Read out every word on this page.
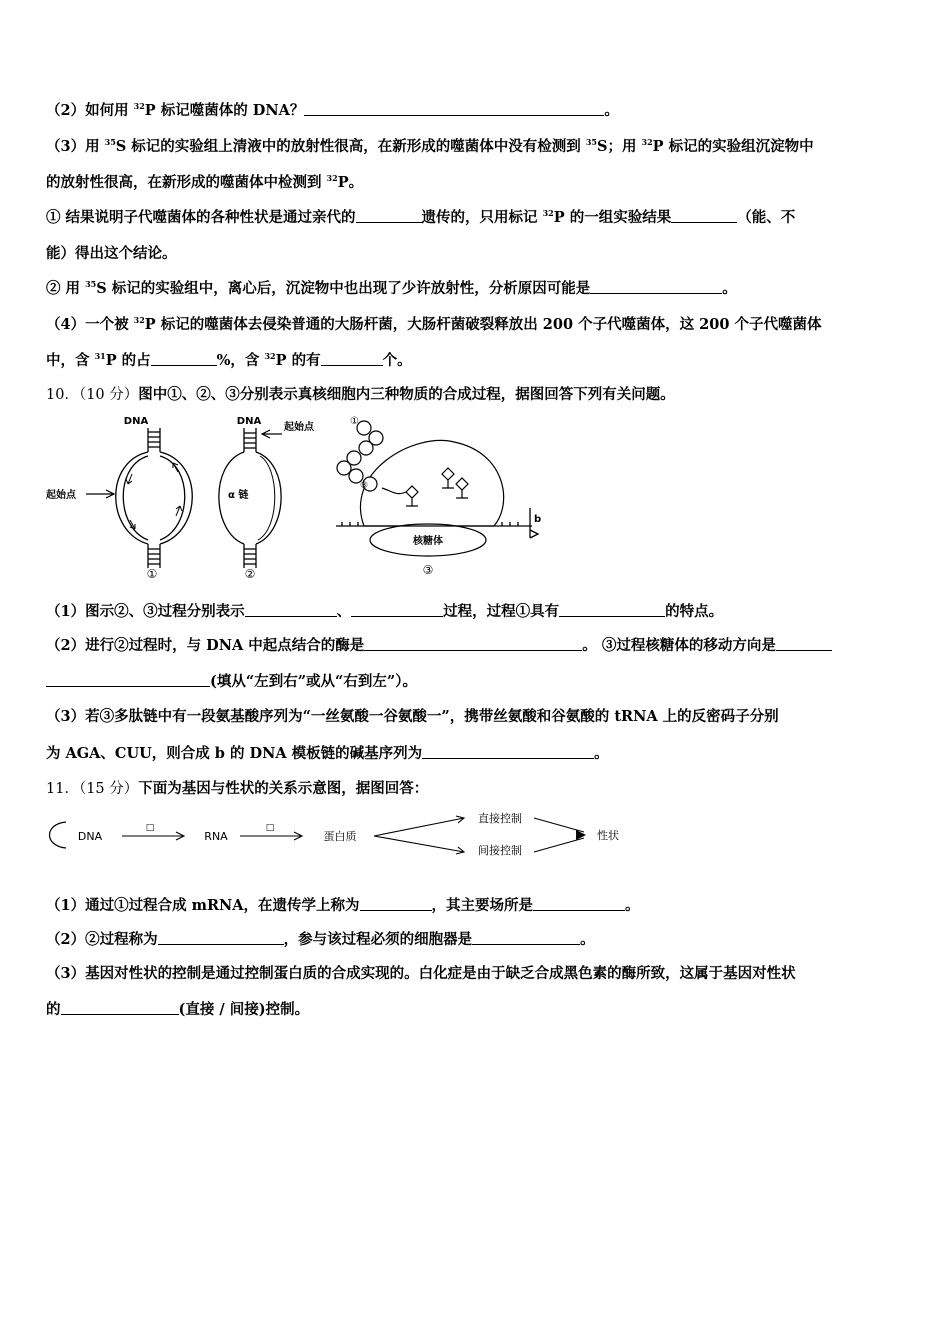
（2）如何用 $^{32}$P 标记噬菌体的 DNA？	。
（3）用 $^{35}$S 标记的实验组上清液中的放射性很高，在新形成的噬菌体中没有检测到 $^{35}$S；用 $^{32}$P 标记的实验组沉淀物中
的放射性很高，在新形成的噬菌体中检测到 $^{32}$P。
① 结果说明子代噬菌体的各种性状是通过亲代的	遗传的，只用标记 $^{32}$P 的一组实验结果	（能、不
能）得出这个结论。
② 用 $^{35}$S 标记的实验组中，离心后，沉淀物中也出现了少许放射性，分析原因可能是	。
（4）一个被 $^{32}$P 标记的噬菌体去侵染普通的大肠杆菌，大肠杆菌破裂释放出 200 个子代噬菌体，这 200 个子代噬菌体
中，含 $^{31}$P 的占	%，含 $^{32}$P 的有	个。
10．（10 分）图中①、②、③分别表示真核细胞内三种物质的合成过程，据图回答下列有关问题。
DNA
起始点
①
DNA
α 链
起始点
②
①
⑧
b
核糖体
③
（1）图示②、③过程分别表示	、	过程，过程①具有	的特点。
（2）进行②过程时，与 DNA 中起点结合的酶是	。 ③过程核糖体的移动方向是
(填从“左到右”或从“右到左”）。
（3）若③多肽链中有一段氨基酸序列为“一丝氨酸一谷氨酸一”，携带丝氨酸和谷氨酸的 tRNA 上的反密码子分别
为 AGA、CUU，则合成 b 的 DNA 模板链的碱基序列为	。
11．（15 分）下面为基因与性状的关系示意图，据图回答：
DNA
□
RNA
□
蛋白质
直接控制
间接控制
性状
（1）通过①过程合成 mRNA，在遗传学上称为	，其主要场所是	。
（2）②过程称为	，参与该过程必须的细胞器是	。
（3）基因对性状的控制是通过控制蛋白质的合成实现的。白化症是由于缺乏合成黑色素的酶所致，这属于基因对性状
的	(直接 / 间接)控制。
